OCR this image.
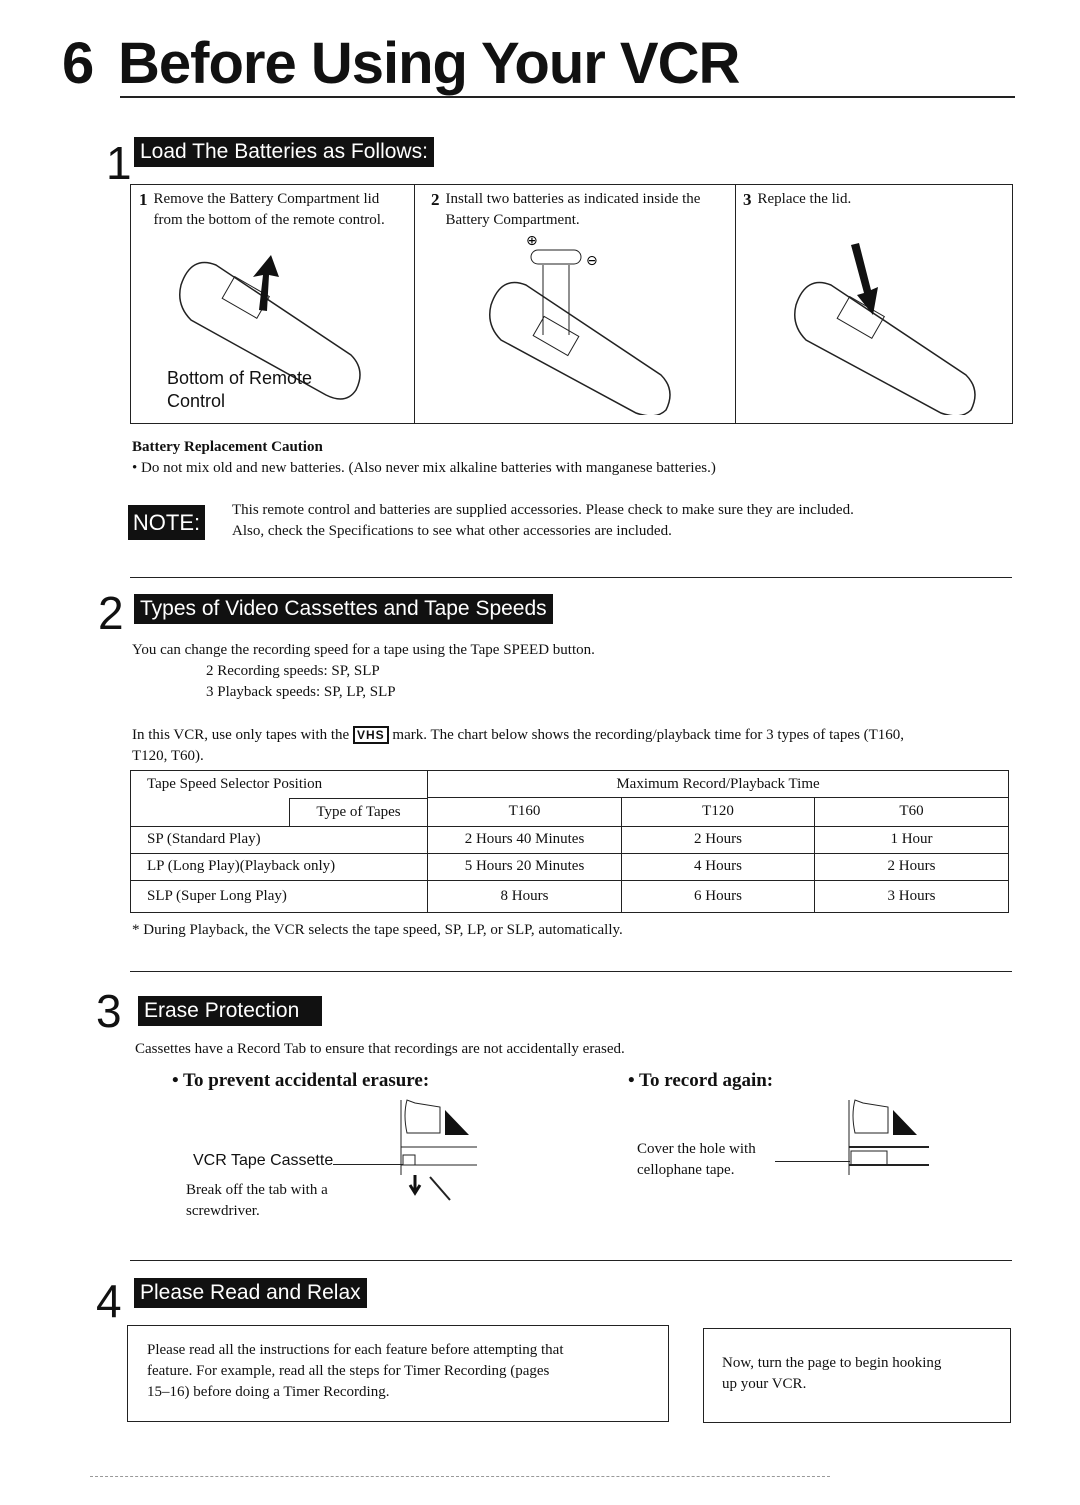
6 Before Using Your VCR
1 Load The Batteries as Follows:
1 Remove the Battery Compartment lid from the bottom of the remote control.
2 Install two batteries as indicated inside the Battery Compartment.
3 Replace the lid.
Bottom of Remote Control
⊕
⊖
Battery Replacement Caution
• Do not mix old and new batteries. (Also never mix alkaline batteries with manganese batteries.)
NOTE:	This remote control and batteries are supplied accessories. Please check to make sure they are included.
Also, check the Specifications to see what other accessories are included.
2 Types of Video Cassettes and Tape Speeds
You can change the recording speed for a tape using the Tape SPEED button.
2 Recording speeds: SP, SLP
3 Playback speeds: SP, LP, SLP
In this VCR, use only tapes with the VHS mark. The chart below shows the recording/playback time for 3 types of tapes (T160,
T120, T60).
Tape Speed Selector Position	Maximum Record/Playback Time		

Type of Tapes	T160	T120	T60
SP (Standard Play)	2 Hours 40 Minutes	2 Hours	1 Hour
LP (Long Play)(Playback only)	5 Hours 20 Minutes	4 Hours	2 Hours
SLP (Super Long Play)	8 Hours	6 Hours	3 Hours
* During Playback, the VCR selects the tape speed, SP, LP, or SLP, automatically.
3 Erase Protection
Cassettes have a Record Tab to ensure that recordings are not accidentally erased.
• To prevent accidental erasure:	• To record again:
VCR Tape Cassette
Break off the tab with a
screwdriver.
Cover the hole with
cellophane tape.
4 Please Read and Relax
Please read all the instructions for each feature before attempting that
feature. For example, read all the steps for Timer Recording (pages
15–16) before doing a Timer Recording.
Now, turn the page to begin hooking
up your VCR.
